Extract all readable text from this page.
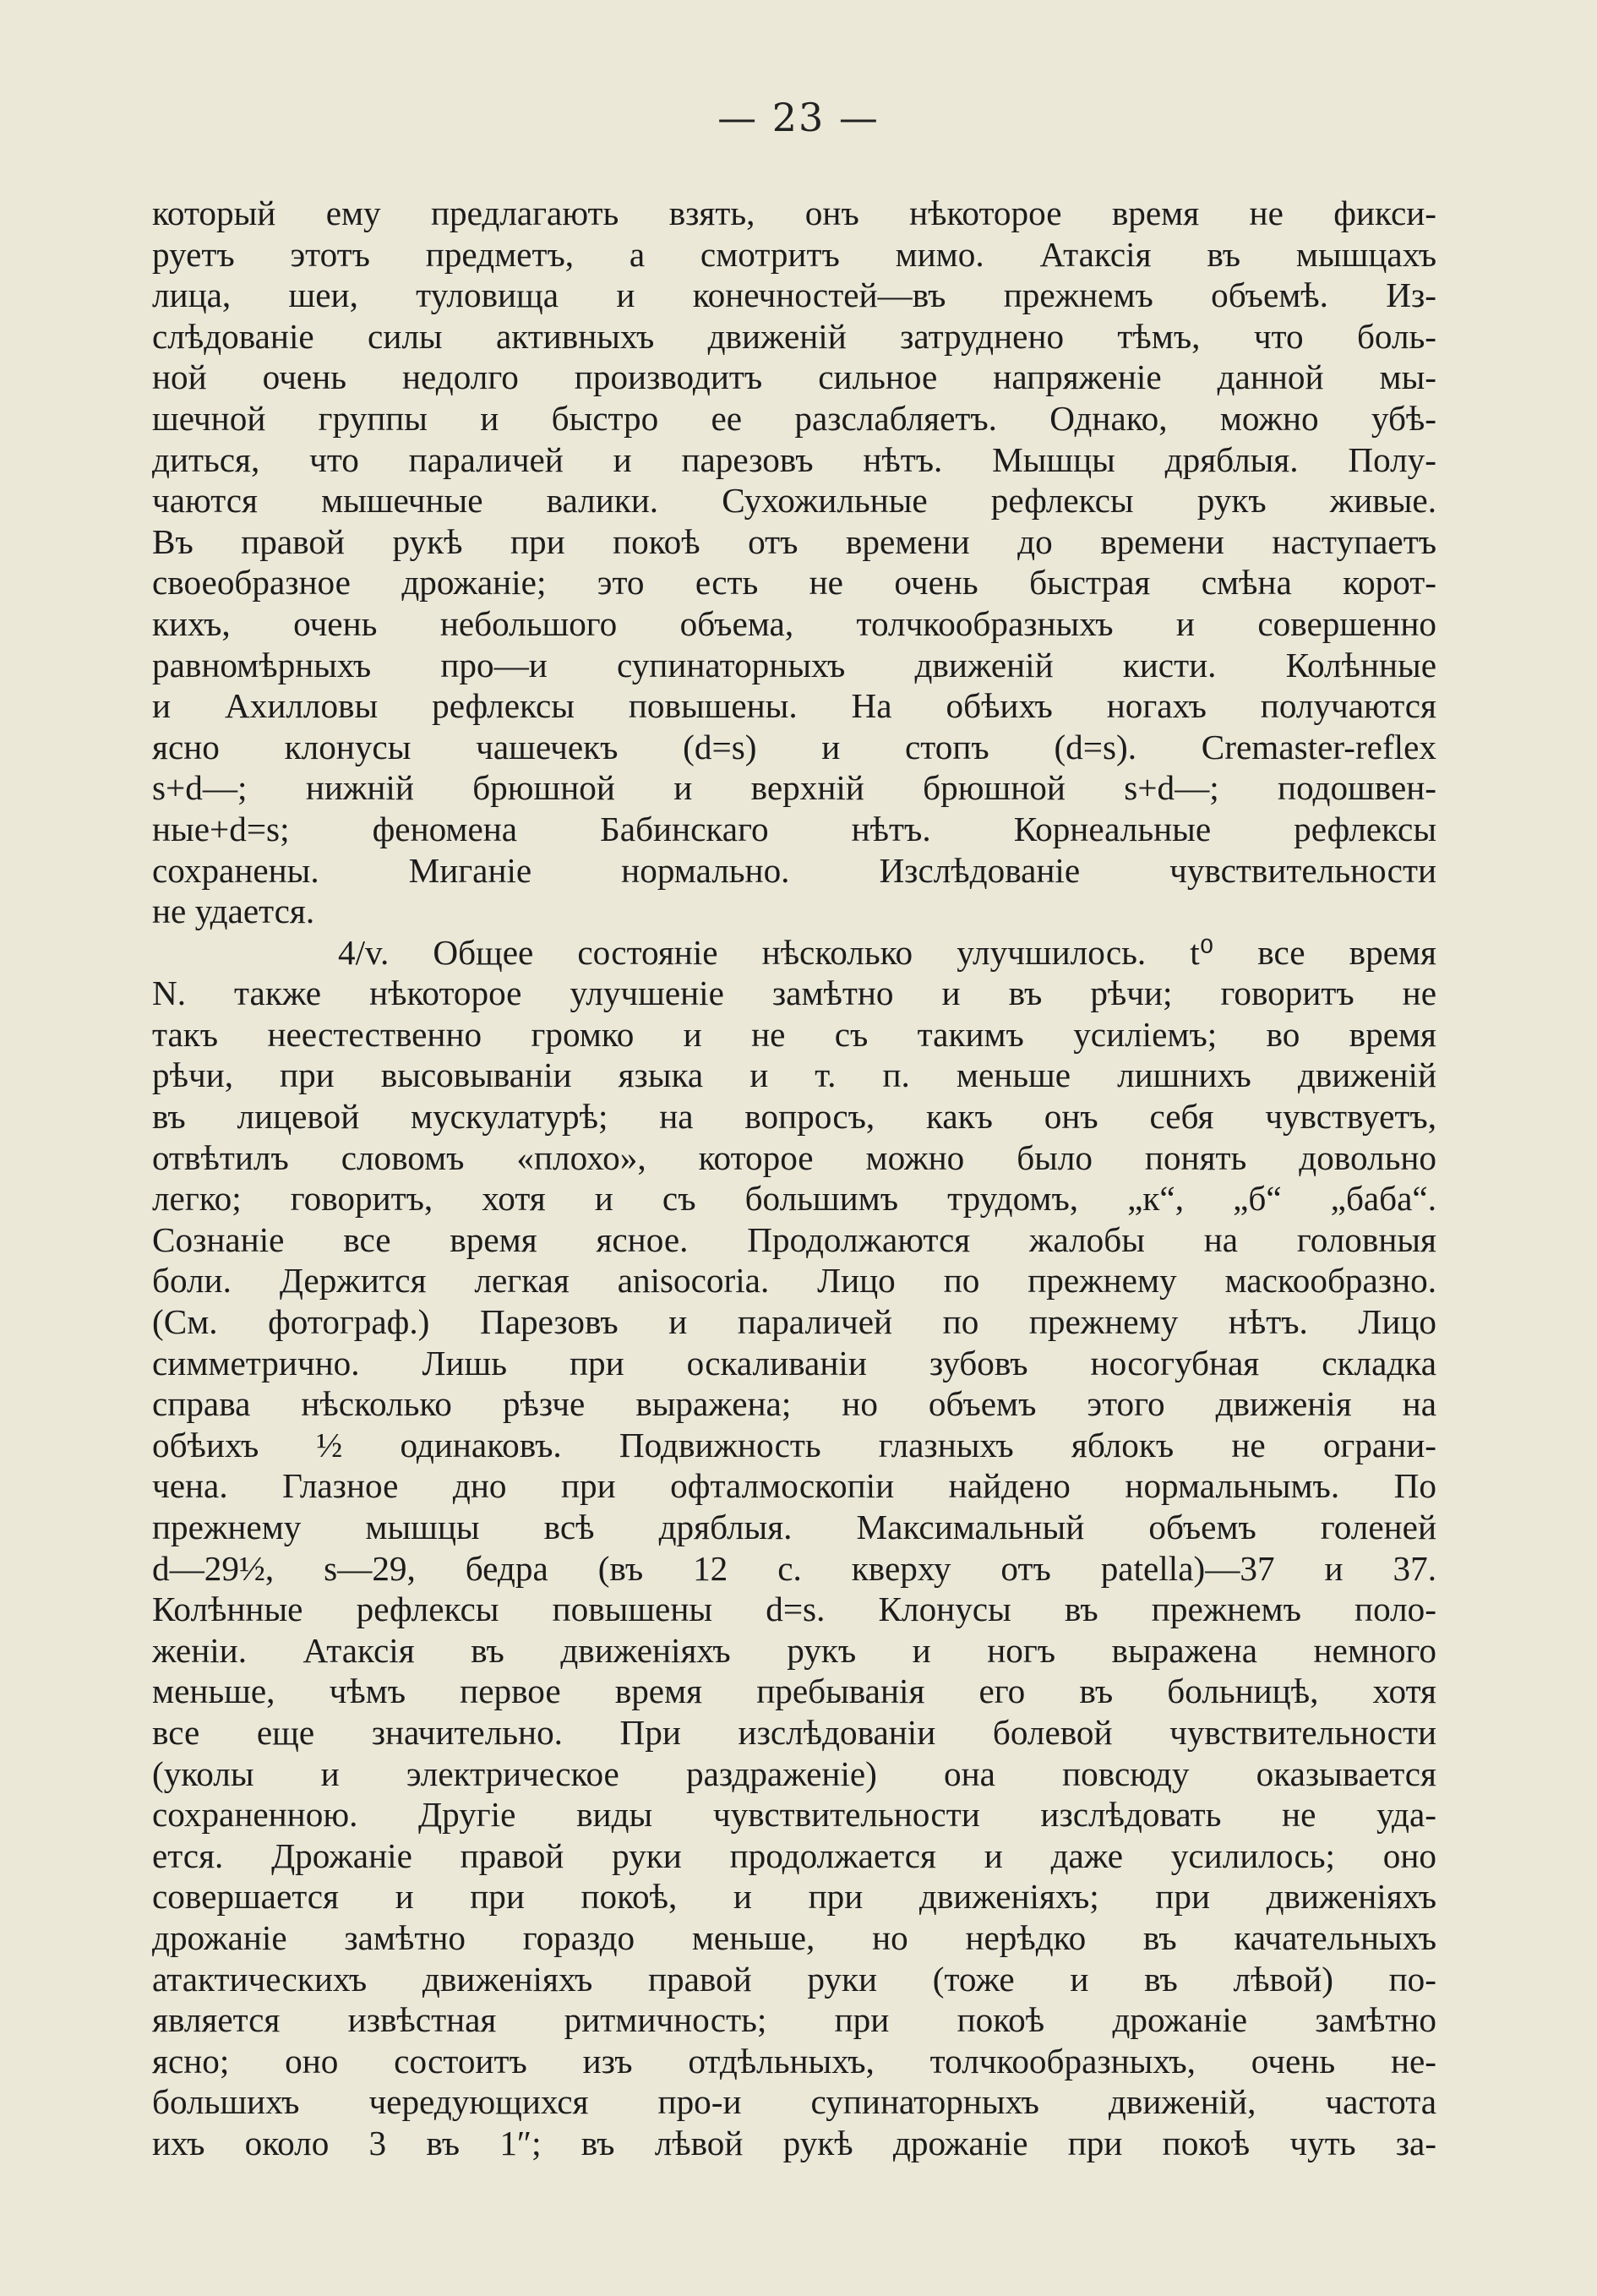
— 23 —
который ему предлагають взять, онъ нѣкоторое время не фикси-
руетъ этотъ предметъ, а смотритъ мимо. Атаксія въ мышцахъ
лица, шеи, туловища и конечностей—въ прежнемъ объемѣ. Из-
слѣдованіе силы активныхъ движеній затруднено тѣмъ, что боль-
ной очень недолго производитъ сильное напряженіе данной мы-
шечной группы и быстро ее разслабляетъ. Однако, можно убѣ-
диться, что параличей и парезовъ нѣтъ. Мышцы дряблыя. Полу-
чаются мышечные валики. Сухожильные рефлексы рукъ живые.
Въ правой рукѣ при покоѣ отъ времени до времени наступаетъ
своеобразное дрожаніе; это есть не очень быстрая смѣна корот-
кихъ, очень небольшого объема, толчкообразныхъ и совершенно
равномѣрныхъ про—и супинаторныхъ движеній кисти. Колѣнные
и Ахилловы рефлексы повышены. На обѣихъ ногахъ получаются
ясно клонусы чашечекъ (d=s) и стопъ (d=s). Cremaster-reflex
s+d—; нижній брюшной и верхній брюшной s+d—; подошвен-
ные+d=s; феномена Бабинскаго нѣтъ. Корнеальные рефлексы
сохранены. Миганіе нормально. Изслѣдованіе чувствительности
не удается.
4/v. Общее состояніе нѣсколько улучшилось. t⁰ все время
N. также нѣкоторое улучшеніе замѣтно и въ рѣчи; говоритъ не
такъ неестественно громко и не съ такимъ усиліемъ; во время
рѣчи, при высовываніи языка и т. п. меньше лишнихъ движеній
въ лицевой мускулатурѣ; на вопросъ, какъ онъ себя чувствуетъ,
отвѣтилъ словомъ «плохо», которое можно было понять довольно
легко; говоритъ, хотя и съ большимъ трудомъ, „к“, „б“ „баба“.
Сознаніе все время ясное. Продолжаются жалобы на головныя
боли. Держится легкая anisocoria. Лицо по прежнему маскообразно.
(См. фотограф.) Парезовъ и параличей по прежнему нѣтъ. Лицо
симметрично. Лишь при оскаливаніи зубовъ носогубная складка
справа нѣсколько рѣзче выражена; но объемъ этого движенія на
обѣихъ ½ одинаковъ. Подвижность глазныхъ яблокъ не ограни-
чена. Глазное дно при офталмоскопіи найдено нормальнымъ. По
прежнему мышцы всѣ дряблыя. Максимальный объемъ голеней
d—29½, s—29, бедра (въ 12 с. кверху отъ patella)—37 и 37.
Колѣнные рефлексы повышены d=s. Клонусы въ прежнемъ поло-
женіи. Атаксія въ движеніяхъ рукъ и ногъ выражена немного
меньше, чѣмъ первое время пребыванія его въ больницѣ, хотя
все еще значительно. При изслѣдованіи болевой чувствительности
(уколы и электрическое раздраженіе) она повсюду оказывается
сохраненною. Другіе виды чувствительности изслѣдовать не уда-
ется. Дрожаніе правой руки продолжается и даже усилилось; оно
совершается и при покоѣ, и при движеніяхъ; при движеніяхъ
дрожаніе замѣтно гораздо меньше, но нерѣдко въ качательныхъ
атактическихъ движеніяхъ правой руки (тоже и въ лѣвой) по-
является извѣстная ритмичность; при покоѣ дрожаніе замѣтно
ясно; оно состоитъ изъ отдѣльныхъ, толчкообразныхъ, очень не-
большихъ чередующихся про-и супинаторныхъ движеній, частота
ихъ около 3 въ 1″; въ лѣвой рукѣ дрожаніе при покоѣ чуть за-
